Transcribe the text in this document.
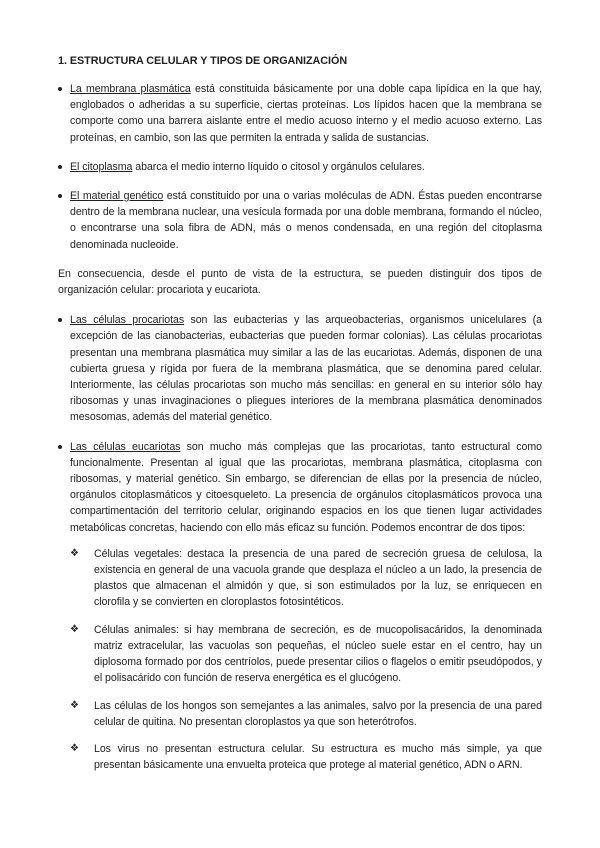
1. ESTRUCTURA CELULAR Y TIPOS DE ORGANIZACIÓN
La membrana plasmática está constituida básicamente por una doble capa lipídica en la que hay, englobados o adheridas a su superficie, ciertas proteínas. Los lípidos hacen que la membrana se comporte como una barrera aislante entre el medio acuoso interno y el medio acuoso externo. Las proteínas, en cambio, son las que permiten la entrada y salida de sustancias.
El citoplasma abarca el medio interno líquido o citosol y orgánulos celulares.
El material genético está constituido por una o varias moléculas de ADN. Éstas pueden encontrarse dentro de la membrana nuclear, una vesícula formada por una doble membrana, formando el núcleo, o encontrarse una sola fibra de ADN, más o menos condensada, en una región del citoplasma denominada nucleoide.

En consecuencia, desde el punto de vista de la estructura, se pueden distinguir dos tipos de organización celular: procariota y eucariota.

Las células procariotas son las eubacterias y las arqueobacterias, organismos unicelulares (a excepción de las cianobacterias, eubacterias que pueden formar colonias). Las células procariotas presentan una membrana plasmática muy similar a las de las eucariotas. Además, disponen de una cubierta gruesa y rígida por fuera de la membrana plasmática, que se denomina pared celular. Interiormente, las células procariotas son mucho más sencillas: en general en su interior sólo hay ribosomas y unas invaginaciones o pliegues interiores de la membrana plasmática denominados mesosomas, además del material genético.
Las células eucariotas son mucho más complejas que las procariotas, tanto estructural como funcionalmente. Presentan al igual que las procariotas, membrana plasmática, citoplasma con ribosomas, y material genético. Sin embargo, se diferencian de ellas por la presencia de núcleo, orgánulos citoplasmáticos y citoesqueleto. La presencia de orgánulos citoplasmáticos provoca una compartimentación del territorio celular, originando espacios en los que tienen lugar actividades metabólicas concretas, haciendo con ello más eficaz su función. Podemos encontrar de dos tipos:
❖ Células vegetales: destaca la presencia de una pared de secreción gruesa de celulosa, la existencia en general de una vacuola grande que desplaza el núcleo a un lado, la presencia de plastos que almacenan el almidón y que, si son estimulados por la luz, se enriquecen en clorofila y se convierten en cloroplastos fotosintéticos.
❖ Células animales: si hay membrana de secreción, es de mucopolisacáridos, la denominada matriz extracelular, las vacuolas son pequeñas, el núcleo suele estar en el centro, hay un diplosoma formado por dos centríolos, puede presentar cilios o flagelos o emitir pseudópodos, y el polisacárido con función de reserva energética es el glucógeno.
❖ Las células de los hongos son semejantes a las animales, salvo por la presencia de una pared celular de quitina. No presentan cloroplastos ya que son heterótrofos.
❖ Los virus no presentan estructura celular. Su estructura es mucho más simple, ya que presentan básicamente una envuelta proteica que protege al material genético, ADN o ARN.
